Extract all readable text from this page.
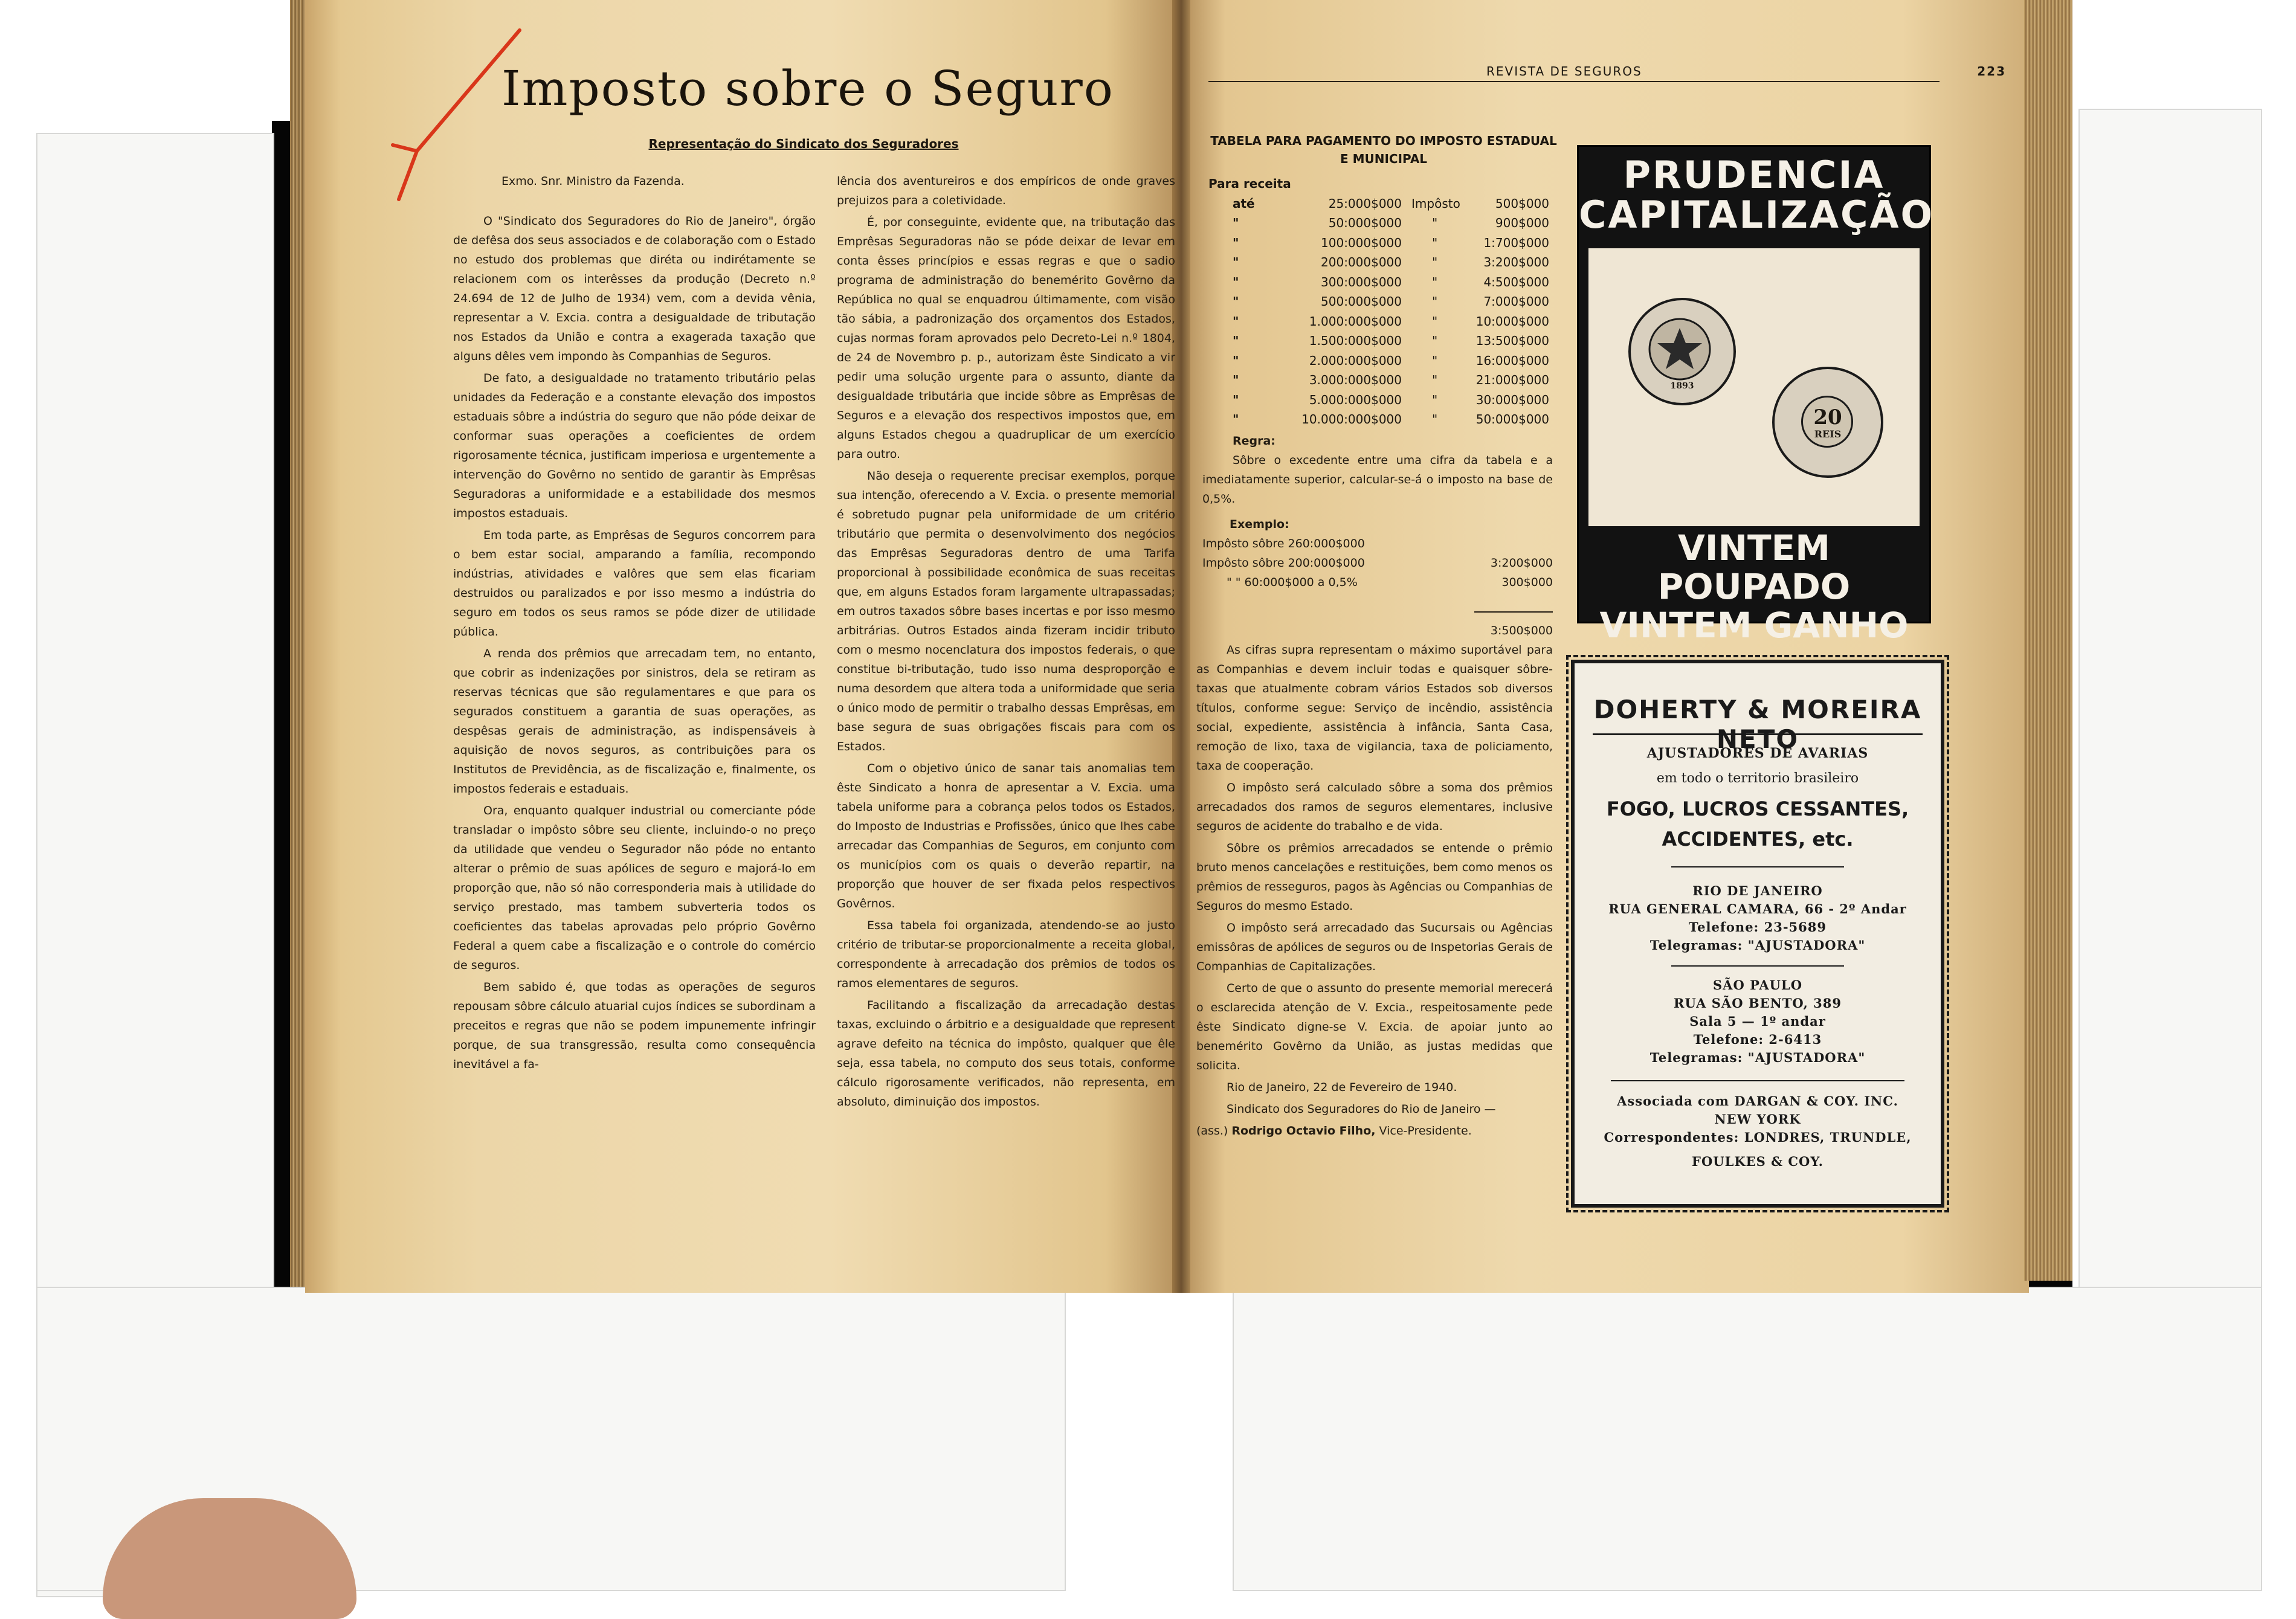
Imposto sobre o Seguro
Representação do Sindicato dos Seguradores

Exmo. Snr. Ministro da Fazenda.

O "Sindicato dos Seguradores do Rio de Janeiro", órgão de defêsa dos seus associados e de colaboração com o Estado no estudo dos problemas que diréta ou indirétamente se relacionem com os interêsses da produção (Decreto n.º 24.694 de 12 de Julho de 1934) vem, com a devida vênia, representar a V. Excia. contra a desigualdade de tributação nos Estados da União e contra a exagerada taxação que alguns dêles vem impondo às Companhias de Seguros.

De fato, a desigualdade no tratamento tributário pelas unidades da Federação e a constante elevação dos impostos estaduais sôbre a indústria do seguro que não póde deixar de conformar suas operações a coeficientes de ordem rigorosamente técnica, justificam imperiosa e urgentemente a intervenção do Govêrno no sentido de garantir às Emprêsas Seguradoras a uniformidade e a estabilidade dos mesmos impostos estaduais.

Em toda parte, as Emprêsas de Seguros concorrem para o bem estar social, amparando a família, recompondo indústrias, atividades e valôres que sem elas ficariam destruidos ou paralizados e por isso mesmo a indústria do seguro em todos os seus ramos se póde dizer de utilidade pública.

A renda dos prêmios que arrecadam tem, no entanto, que cobrir as indenizações por sinistros, dela se retiram as reservas técnicas que são regulamentares e que para os segurados constituem a garantia de suas operações, as despêsas gerais de administração, as indispensáveis à aquisição de novos seguros, as contribuições para os Institutos de Previdência, as de fiscalização e, finalmente, os impostos federais e estaduais.

Ora, enquanto qualquer industrial ou comerciante póde transladar o impôsto sôbre seu cliente, incluindo-o no preço da utilidade que vendeu o Segurador não póde no entanto alterar o prêmio de suas apólices de seguro e majorá-lo em proporção que, não só não corresponderia mais à utilidade do serviço prestado, mas tambem subverteria todos os coeficientes das tabelas aprovadas pelo próprio Govêrno Federal a quem cabe a fiscalização e o controle do comércio de seguros.

Bem sabido é, que todas as operações de seguros repousam sôbre cálculo atuarial cujos índices se subordinam a preceitos e regras que não se podem impunemente infringir porque, de sua transgressão, resulta como consequência inevitável a fa-

lência dos aventureiros e dos empíricos de onde graves prejuizos para a coletividade.

É, por conseguinte, evidente que, na tributação das Emprêsas Seguradoras não se póde deixar de levar em conta êsses princípios e essas regras e que o sadio programa de administração do benemérito Govêrno da República no qual se enquadrou últimamente, com visão tão sábia, a padronização dos orçamentos dos Estados, cujas normas foram aprovados pelo Decreto-Lei n.º 1804, de 24 de Novembro p. p., autorizam êste Sindicato a vir pedir uma solução urgente para o assunto, diante da desigualdade tributária que incide sôbre as Emprêsas de Seguros e a elevação dos respectivos impostos que, em alguns Estados chegou a quadruplicar de um exercício para outro.

Não deseja o requerente precisar exemplos, porque sua intenção, oferecendo a V. Excia. o presente memorial é sobretudo pugnar pela uniformidade de um critério tributário que permita o desenvolvimento dos negócios das Emprêsas Seguradoras dentro de uma Tarifa proporcional à possibilidade econômica de suas receitas que, em alguns Estados foram largamente ultrapassadas; em outros taxados sôbre bases incertas e por isso mesmo arbitrárias. Outros Estados ainda fizeram incidir tributo com o mesmo nocenclatura dos impostos federais, o que constitue bi-tributação, tudo isso numa desproporção e numa desordem que altera toda a uniformidade que seria o único modo de permitir o trabalho dessas Emprêsas, em base segura de suas obrigações fiscais para com os Estados.

Com o objetivo único de sanar tais anomalias tem êste Sindicato a honra de apresentar a V. Excia. uma tabela uniforme para a cobrança pelos todos os Estados, do Imposto de Industrias e Profissões, único que lhes cabe arrecadar das Companhias de Seguros, em conjunto com os municípios com os quais o deverão repartir, na proporção que houver de ser fixada pelos respectivos Govêrnos.

Essa tabela foi organizada, atendendo-se ao justo critério de tributar-se proporcionalmente a receita global, correspondente à arrecadação dos prêmios de todos os ramos elementares de seguros.

Facilitando a fiscalização da arrecadação destas taxas, excluindo o árbitrio e a desigualdade que represent agrave defeito na técnica do impôsto, qualquer que êle seja, essa tabela, no computo dos seus totais, conforme cálculo rigorosamente verificados, não representa, em absoluto, diminuição dos impostos.

REVISTA DE SEGUROS	223
TABELA PARA PAGAMENTO DO IMPOSTO ESTADUAL E MUNICIPAL
Para receita
até	25:000$000 Impôsto	500$000
"	50:000$000	"	900$000
"	100:000$000	"	1:700$000
"	200:000$000	"	3:200$000
"	300:000$000	"	4:500$000
"	500:000$000	"	7:000$000
"	1.000:000$000	"	10:000$000
"	1.500:000$000	"	13:500$000
"	2.000:000$000	"	16:000$000
"	3.000:000$000	"	21:000$000
"	5.000:000$000	"	30:000$000
"	10.000:000$000	"	50:000$000
Regra:
Sôbre o excedente entre uma cifra da tabela e a imediatamente superior, calcular-se-á o imposto na base de 0,5%.
Exemplo:
Impôsto sôbre 260:000$000
Impôsto sôbre 200:000$000	3:200$000
" " 60:000$000 a 0,5%	300$000
3:500$000

As cifras supra representam o máximo suportável para as Companhias e devem incluir todas e quaisquer sôbre-taxas que atualmente cobram vários Estados sob diversos títulos, conforme segue: Serviço de incêndio, assistência social, expediente, assistência à infância, Santa Casa, remoção de lixo, taxa de vigilancia, taxa de policiamento, taxa de cooperação.

O impôsto será calculado sôbre a soma dos prêmios arrecadados dos ramos de seguros elementares, inclusive seguros de acidente do trabalho e de vida.

Sôbre os prêmios arrecadados se entende o prêmio bruto menos cancelações e restituições, bem como menos os prêmios de resseguros, pagos às Agências ou Companhias de Seguros do mesmo Estado.

O impôsto será arrecadado das Sucursais ou Agências emissôras de apólices de seguros ou de Inspetorias Gerais de Companhias de Capitalizações.

Certo de que o assunto do presente memorial merecerá o esclarecida atenção de V. Excia., respeitosamente pede êste Sindicato digne-se V. Excia. de apoiar junto ao benemérito Govêrno da União, as justas medidas que solicita.

Rio de Janeiro, 22 de Fevereiro de 1940.

Sindicato dos Seguradores do Rio de Janeiro —

(ass.) Rodrigo Octavio Filho, Vice-Presidente.

PRUDENCIA
CAPITALIZAÇÃO
1893
20
REIS
VINTEM POUPADO
VINTEM GANHO
DOHERTY & MOREIRA NETO
AJUSTADORES DE AVARIAS
em todo o territorio brasileiro
FOGO, LUCROS CESSANTES,
ACCIDENTES, etc.
RIO DE JANEIRO
RUA GENERAL CAMARA, 66 - 2º Andar
Telefone: 23-5689
Telegramas: "AJUSTADORA"
SÃO PAULO
RUA SÃO BENTO, 389
Sala 5 — 1º andar
Telefone: 2-6413
Telegramas: "AJUSTADORA"
Associada com DARGAN & COY. INC.
NEW YORK
Correspondentes: LONDRES, TRUNDLE,
FOULKES & COY.
